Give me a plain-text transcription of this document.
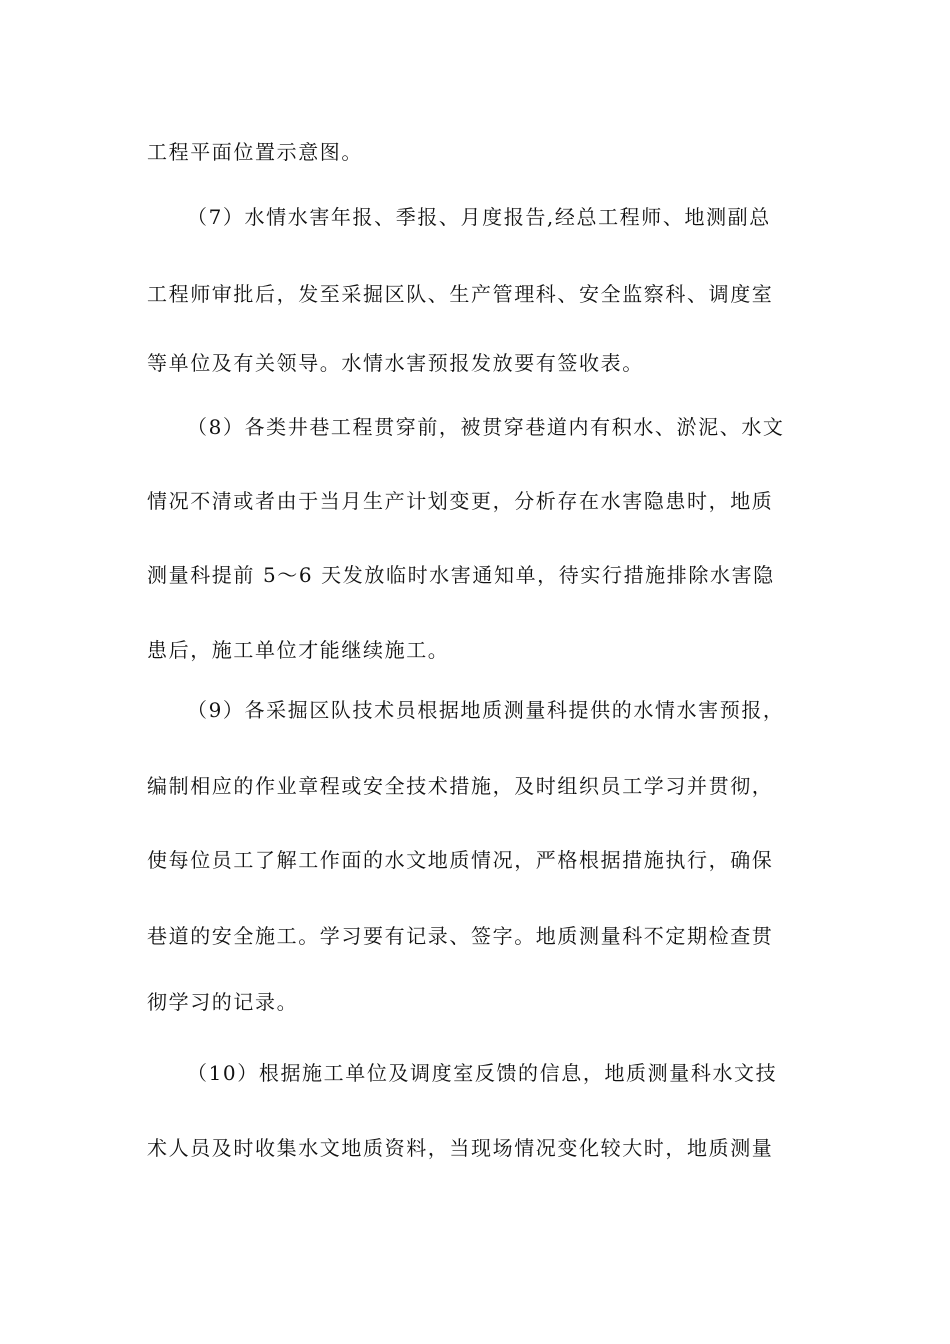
工程平面位置示意图。
（7）水情水害年报、季报、月度报告,经总工程师、地测副总
工程师审批后，发至采掘区队、生产管理科、安全监察科、调度室
等单位及有关领导。水情水害预报发放要有签收表。
（8）各类井巷工程贯穿前，被贯穿巷道内有积水、淤泥、水文
情况不清或者由于当月生产计划变更，分析存在水害隐患时，地质
测量科提前 5～6 天发放临时水害通知单，待实行措施排除水害隐
患后，施工单位才能继续施工。
（9）各采掘区队技术员根据地质测量科提供的水情水害预报，
编制相应的作业章程或安全技术措施，及时组织员工学习并贯彻，
使每位员工了解工作面的水文地质情况，严格根据措施执行，确保
巷道的安全施工。学习要有记录、签字。地质测量科不定期检查贯
彻学习的记录。
（10）根据施工单位及调度室反馈的信息，地质测量科水文技
术人员及时收集水文地质资料，当现场情况变化较大时，地质测量
